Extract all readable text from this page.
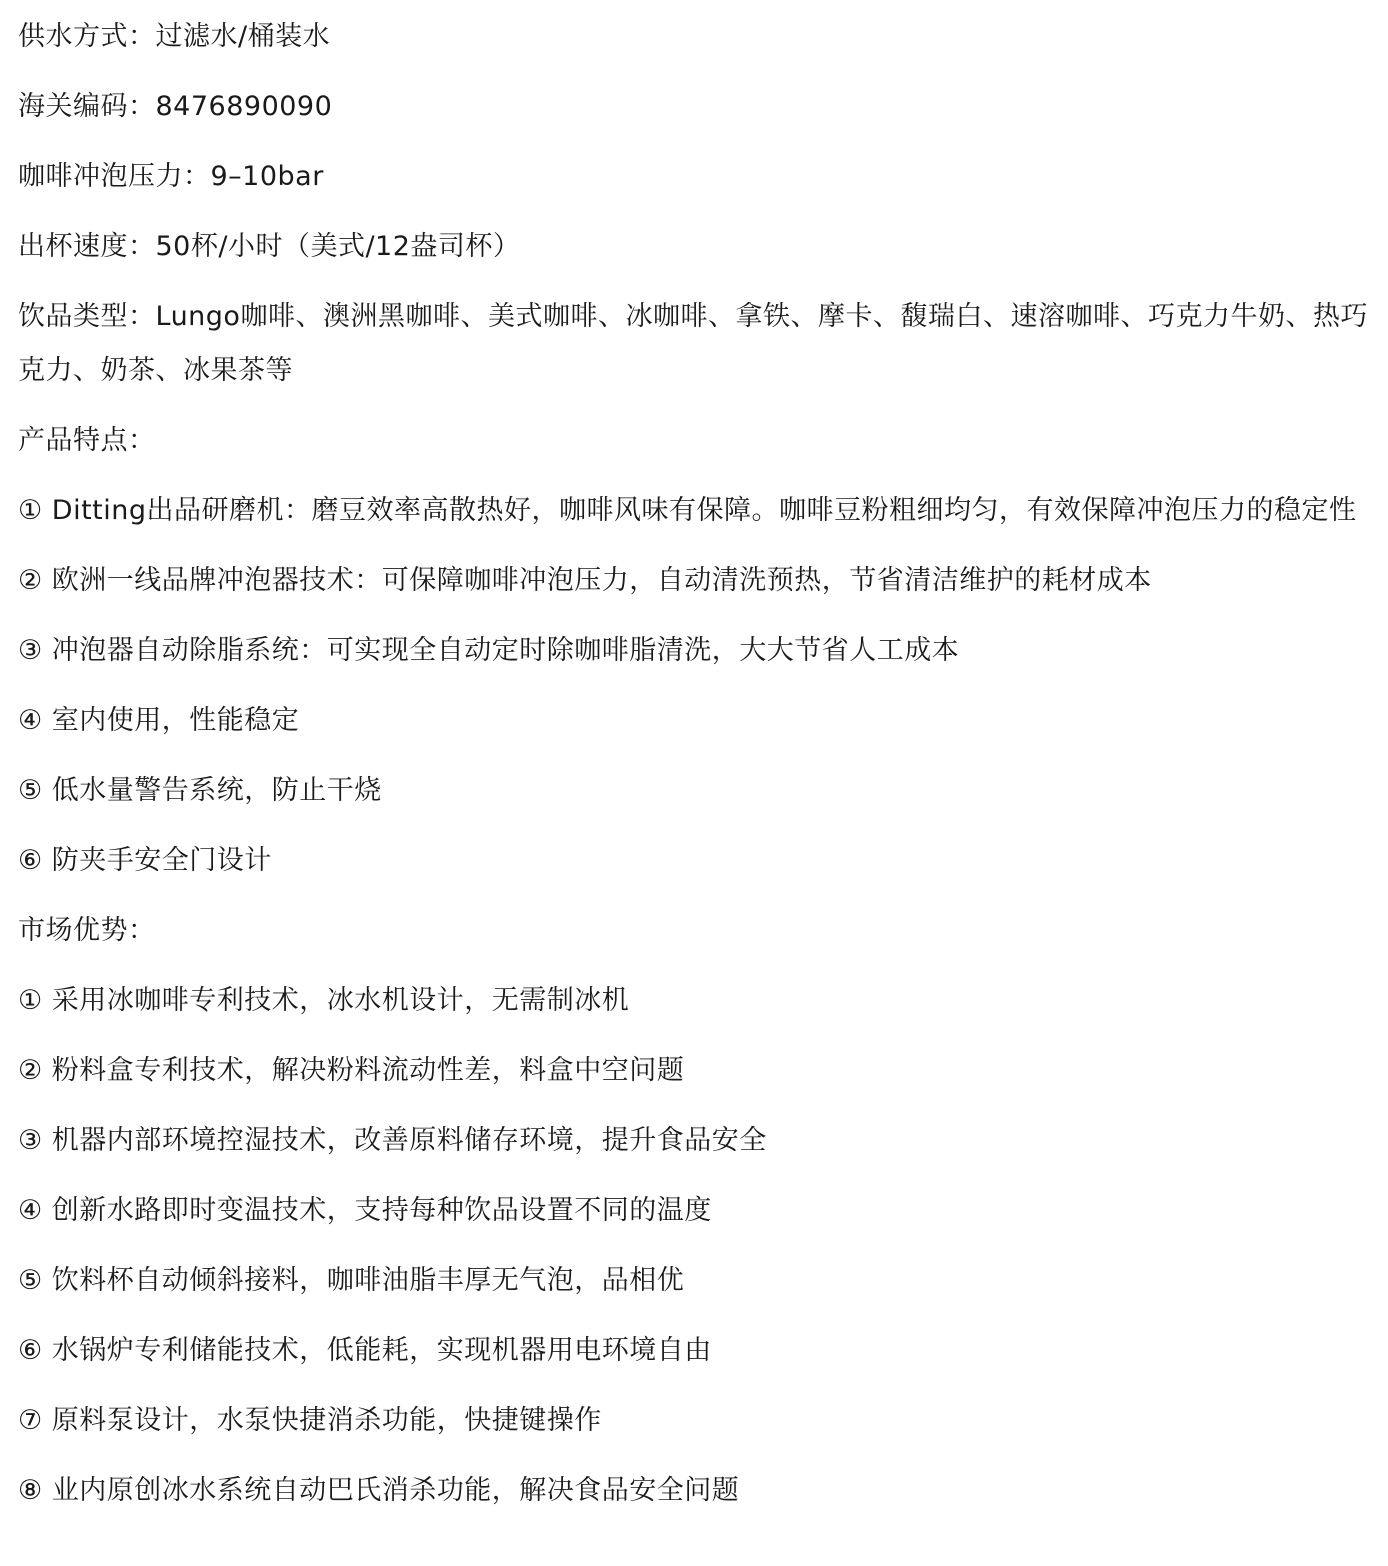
供水方式：过滤水/桶装水

海关编码：8476890090

咖啡冲泡压力：9–10bar

出杯速度：50杯/小时（美式/12盎司杯）

饮品类型：Lungo咖啡、澳洲黑咖啡、美式咖啡、冰咖啡、拿铁、摩卡、馥瑞白、速溶咖啡、巧克力牛奶、热巧克力、奶茶、冰果茶等

产品特点：

① Ditting出品研磨机：磨豆效率高散热好，咖啡风味有保障。咖啡豆粉粗细均匀，有效保障冲泡压力的稳定性

② 欧洲一线品牌冲泡器技术：可保障咖啡冲泡压力，自动清洗预热，节省清洁维护的耗材成本

③ 冲泡器自动除脂系统：可实现全自动定时除咖啡脂清洗，大大节省人工成本

④ 室内使用，性能稳定

⑤ 低水量警告系统，防止干烧

⑥ 防夹手安全门设计

市场优势：

① 采用冰咖啡专利技术，冰水机设计，无需制冰机

② 粉料盒专利技术，解决粉料流动性差，料盒中空问题

③ 机器内部环境控湿技术，改善原料储存环境，提升食品安全

④ 创新水路即时变温技术，支持每种饮品设置不同的温度

⑤ 饮料杯自动倾斜接料，咖啡油脂丰厚无气泡，品相优

⑥ 水锅炉专利储能技术，低能耗，实现机器用电环境自由

⑦ 原料泵设计，水泵快捷消杀功能，快捷键操作

⑧ 业内原创冰水系统自动巴氏消杀功能，解决食品安全问题
